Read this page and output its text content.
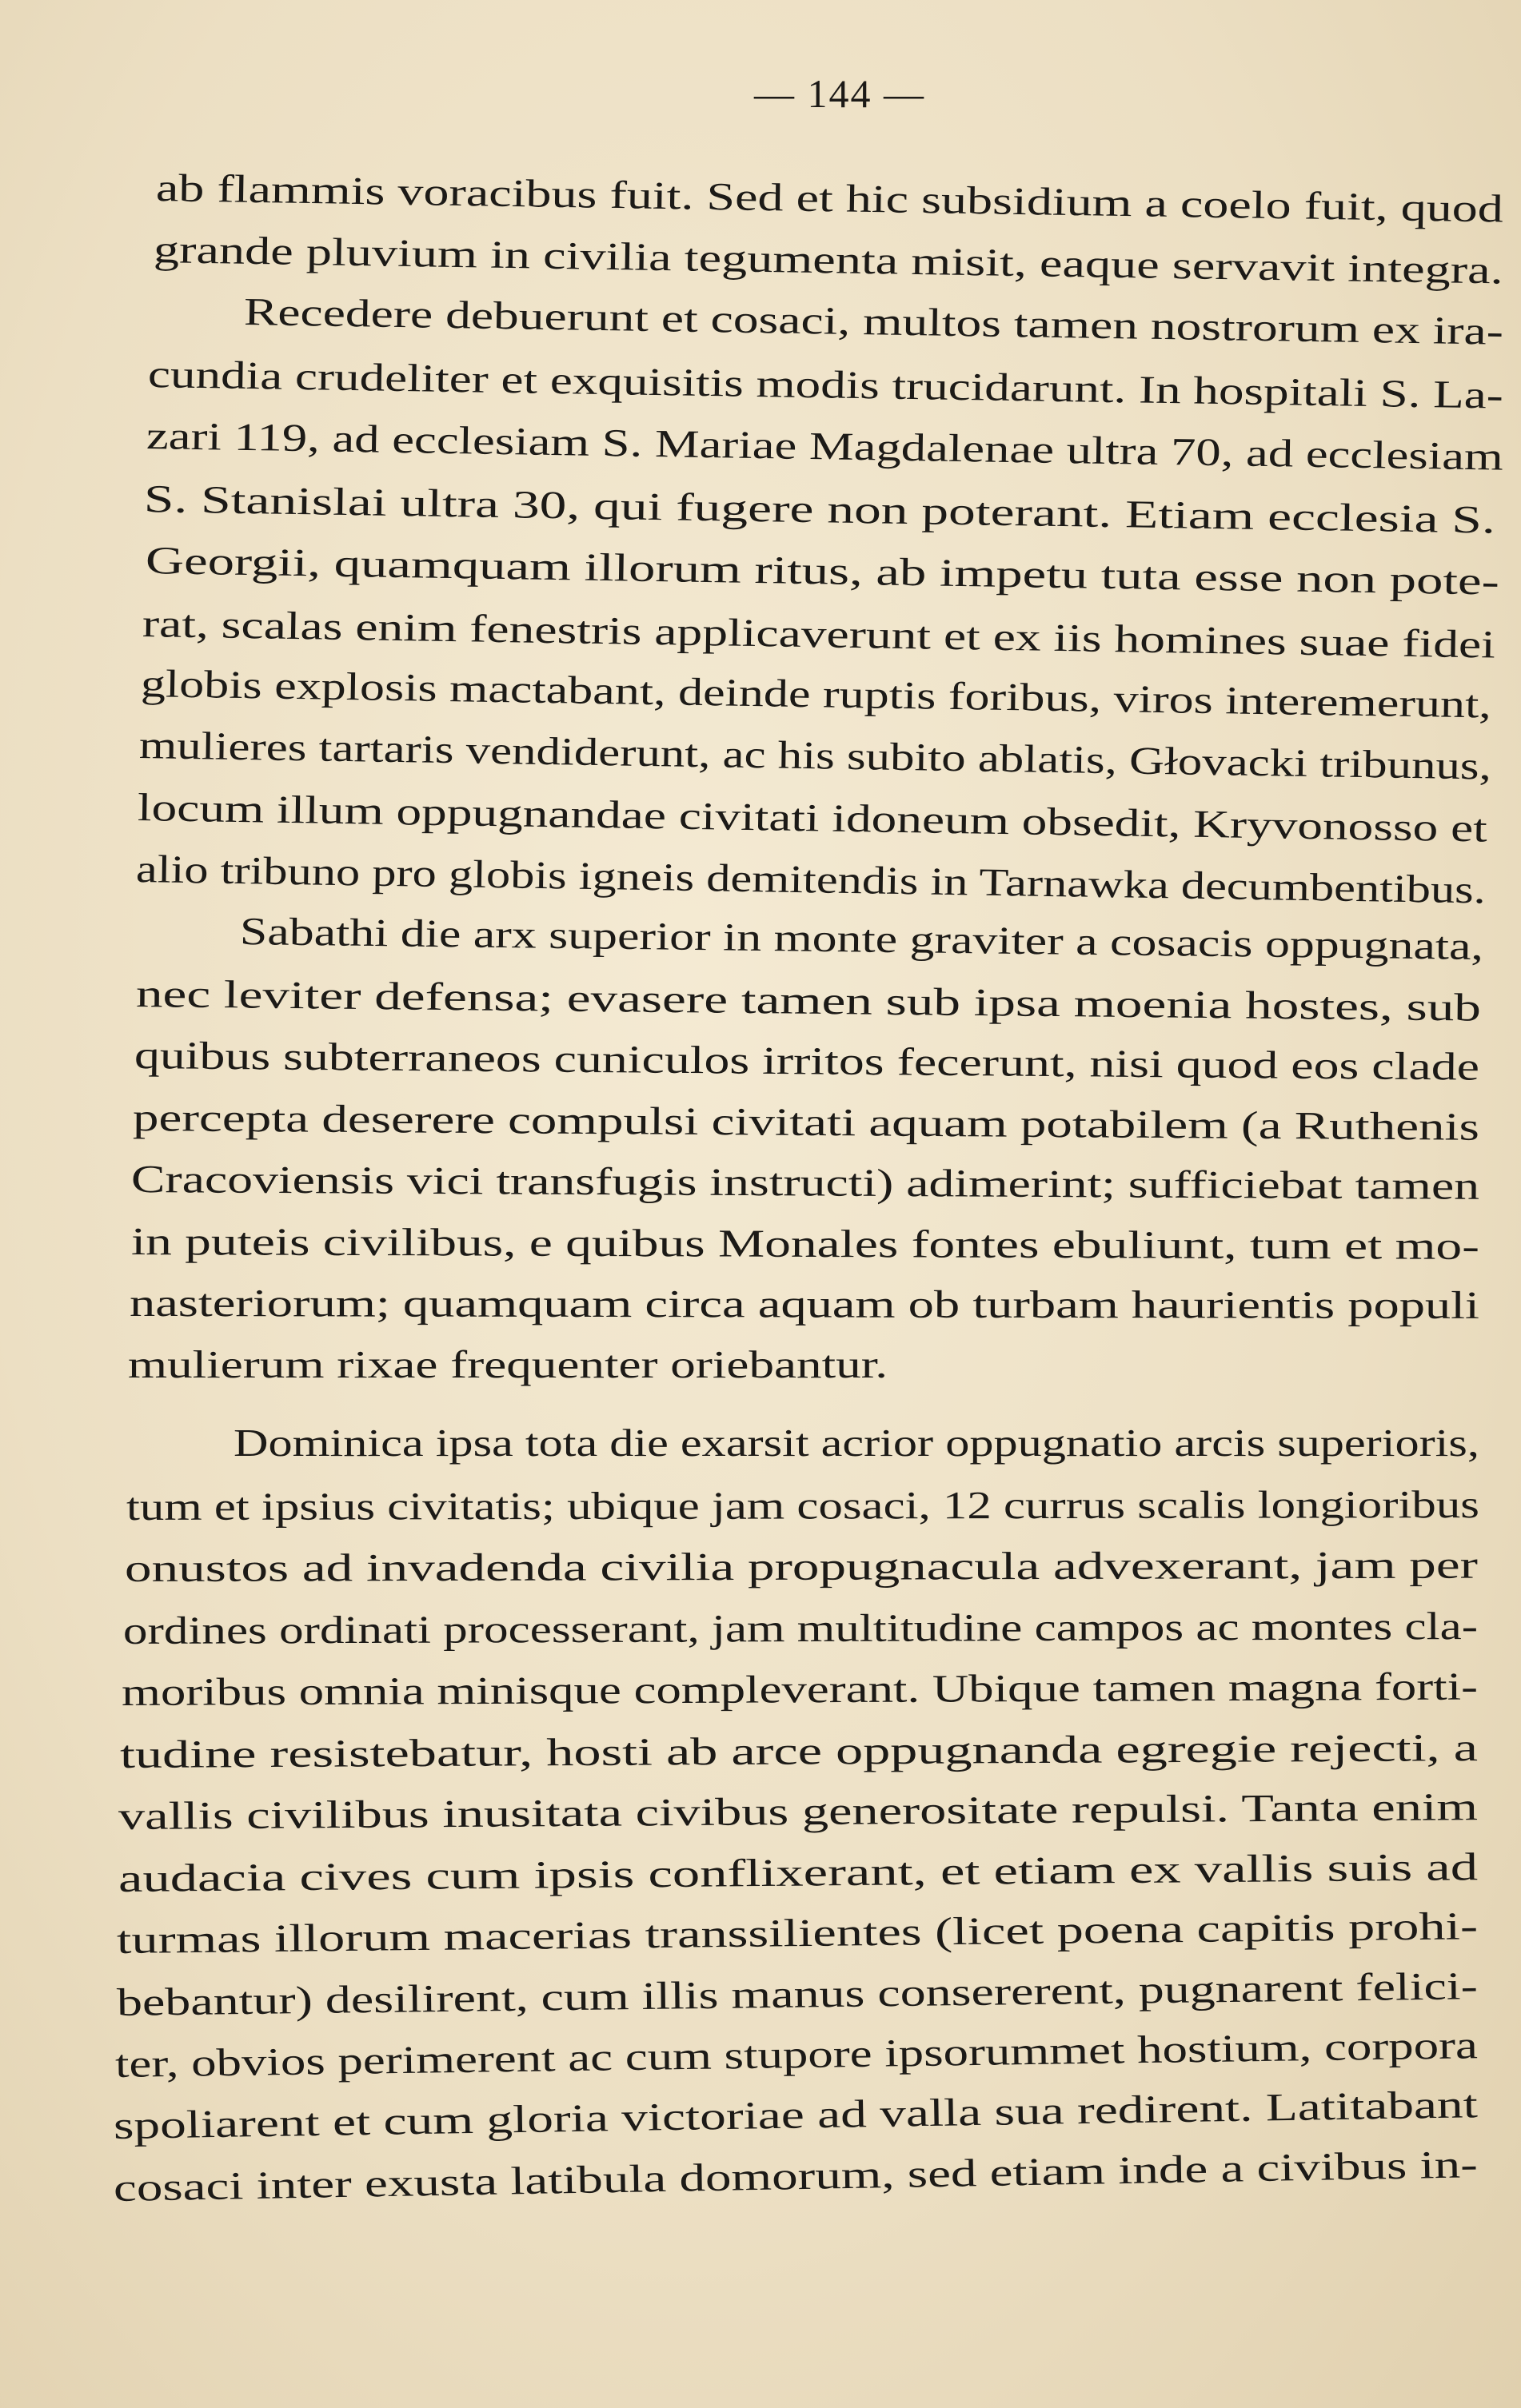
— 144 —
ab flammis voracibus fuit. Sed et hic subsidium a coelo fuit, quod
grande pluvium in civilia tegumenta misit, eaque servavit integra.
Recedere debuerunt et cosaci, multos tamen nostrorum ex ira-
cundia crudeliter et exquisitis modis trucidarunt. In hospitali S. La-
zari 119, ad ecclesiam S. Mariae Magdalenae ultra 70, ad ecclesiam
S. Stanislai ultra 30, qui fugere non poterant. Etiam ecclesia S.
Georgii, quamquam illorum ritus, ab impetu tuta esse non pote-
rat, scalas enim fenestris applicaverunt et ex iis homines suae fidei
globis explosis mactabant, deinde ruptis foribus, viros interemerunt,
mulieres tartaris vendiderunt, ac his subito ablatis, Głovacki tribunus,
locum illum oppugnandae civitati idoneum obsedit, Kryvonosso et
alio tribuno pro globis igneis demitendis in Tarnawka decumbentibus.
Sabathi die arx superior in monte graviter a cosacis oppugnata,
nec leviter defensa; evasere tamen sub ipsa moenia hostes, sub
quibus subterraneos cuniculos irritos fecerunt, nisi quod eos clade
percepta deserere compulsi civitati aquam potabilem (a Ruthenis
Cracoviensis vici transfugis instructi) adimerint; sufficiebat tamen
in puteis civilibus, e quibus Monales fontes ebuliunt, tum et mo-
nasteriorum; quamquam circa aquam ob turbam haurientis populi
mulierum rixae frequenter oriebantur.
Dominica ipsa tota die exarsit acrior oppugnatio arcis superioris,
tum et ipsius civitatis; ubique jam cosaci, 12 currus scalis longioribus
onustos ad invadenda civilia propugnacula advexerant, jam per
ordines ordinati processerant, jam multitudine campos ac montes cla-
moribus omnia minisque compleverant. Ubique tamen magna forti-
tudine resistebatur, hosti ab arce oppugnanda egregie rejecti, a
vallis civilibus inusitata civibus generositate repulsi. Tanta enim
audacia cives cum ipsis conflixerant, et etiam ex vallis suis ad
turmas illorum macerias transsilientes (licet poena capitis prohi-
bebantur) desilirent, cum illis manus consererent, pugnarent felici-
ter, obvios perimerent ac cum stupore ipsorummet hostium, corpora
spoliarent et cum gloria victoriae ad valla sua redirent. Latitabant
cosaci inter exusta latibula domorum, sed etiam inde a civibus in-
